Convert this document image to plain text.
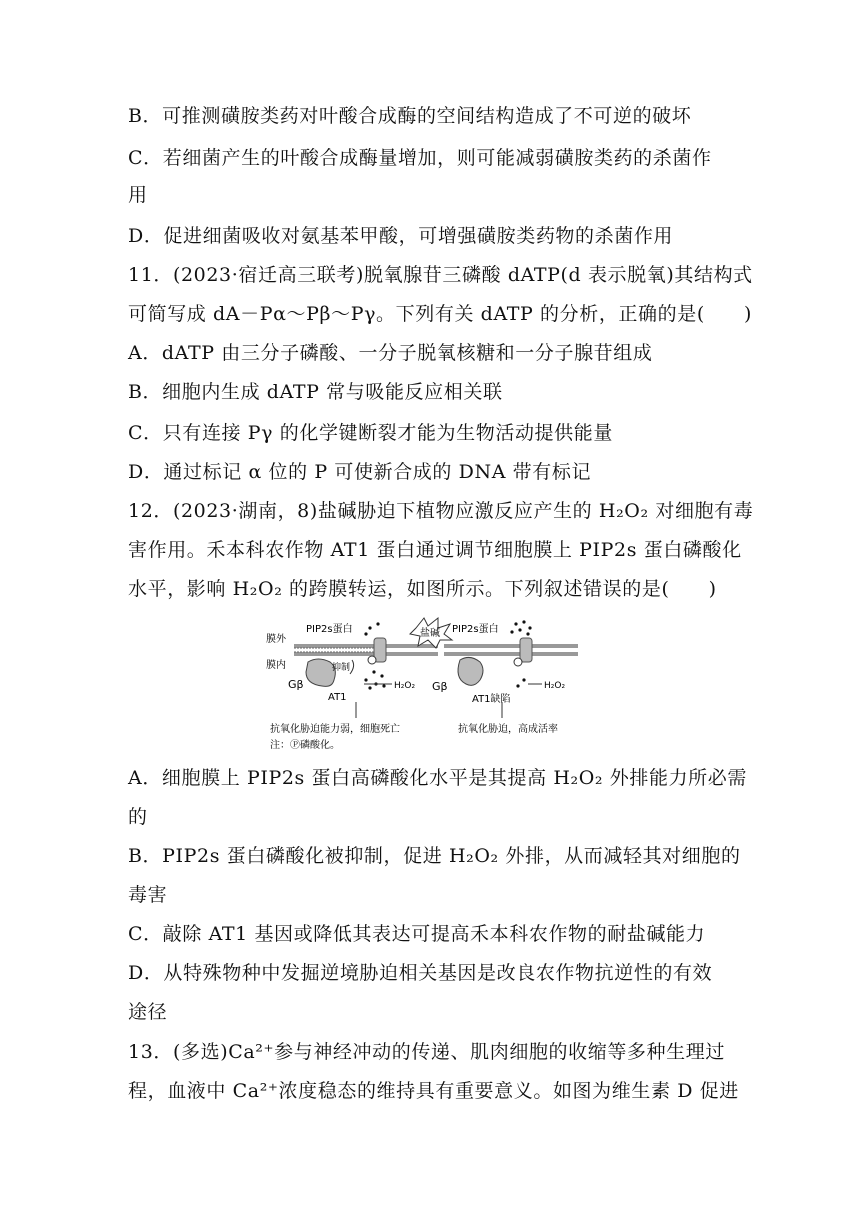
B．可推测磺胺类药对叶酸合成酶的空间结构造成了不可逆的破坏
C．若细菌产生的叶酸合成酶量增加，则可能减弱磺胺类药的杀菌作
用
D．促进细菌吸收对氨基苯甲酸，可增强磺胺类药物的杀菌作用
11．(2023·宿迁高三联考)脱氧腺苷三磷酸 dATP(d 表示脱氧)其结构式
可简写成 dA－Pα～Pβ～Pγ。下列有关 dATP 的分析，正确的是(　　)
A．dATP 由三分子磷酸、一分子脱氧核糖和一分子腺苷组成
B．细胞内生成 dATP 常与吸能反应相关联
C．只有连接 Pγ 的化学键断裂才能为生物活动提供能量
D．通过标记 α 位的 P 可使新合成的 DNA 带有标记
12．(2023·湖南，8)盐碱胁迫下植物应激反应产生的 H₂O₂ 对细胞有毒
害作用。禾本科农作物 AT1 蛋白通过调节细胞膜上 PIP2s 蛋白磷酸化
水平，影响 H₂O₂ 的跨膜转运，如图所示。下列叙述错误的是(　　)
膜外
膜内
PIP2s蛋白	PIP2s蛋白
盐碱
抑制
Gβ	Gβ
AT1	AT1缺陷
H₂O₂	H₂O₂
抗氧化胁迫能力弱，细胞死亡	抗氧化胁迫，高成活率
注：Ⓟ磷酸化。
A．细胞膜上 PIP2s 蛋白高磷酸化水平是其提高 H₂O₂ 外排能力所必需
的
B．PIP2s 蛋白磷酸化被抑制，促进 H₂O₂ 外排，从而减轻其对细胞的
毒害
C．敲除 AT1 基因或降低其表达可提高禾本科农作物的耐盐碱能力
D．从特殊物种中发掘逆境胁迫相关基因是改良农作物抗逆性的有效
途径
13．(多选)Ca²⁺参与神经冲动的传递、肌肉细胞的收缩等多种生理过
程，血液中 Ca²⁺浓度稳态的维持具有重要意义。如图为维生素 D 促进
